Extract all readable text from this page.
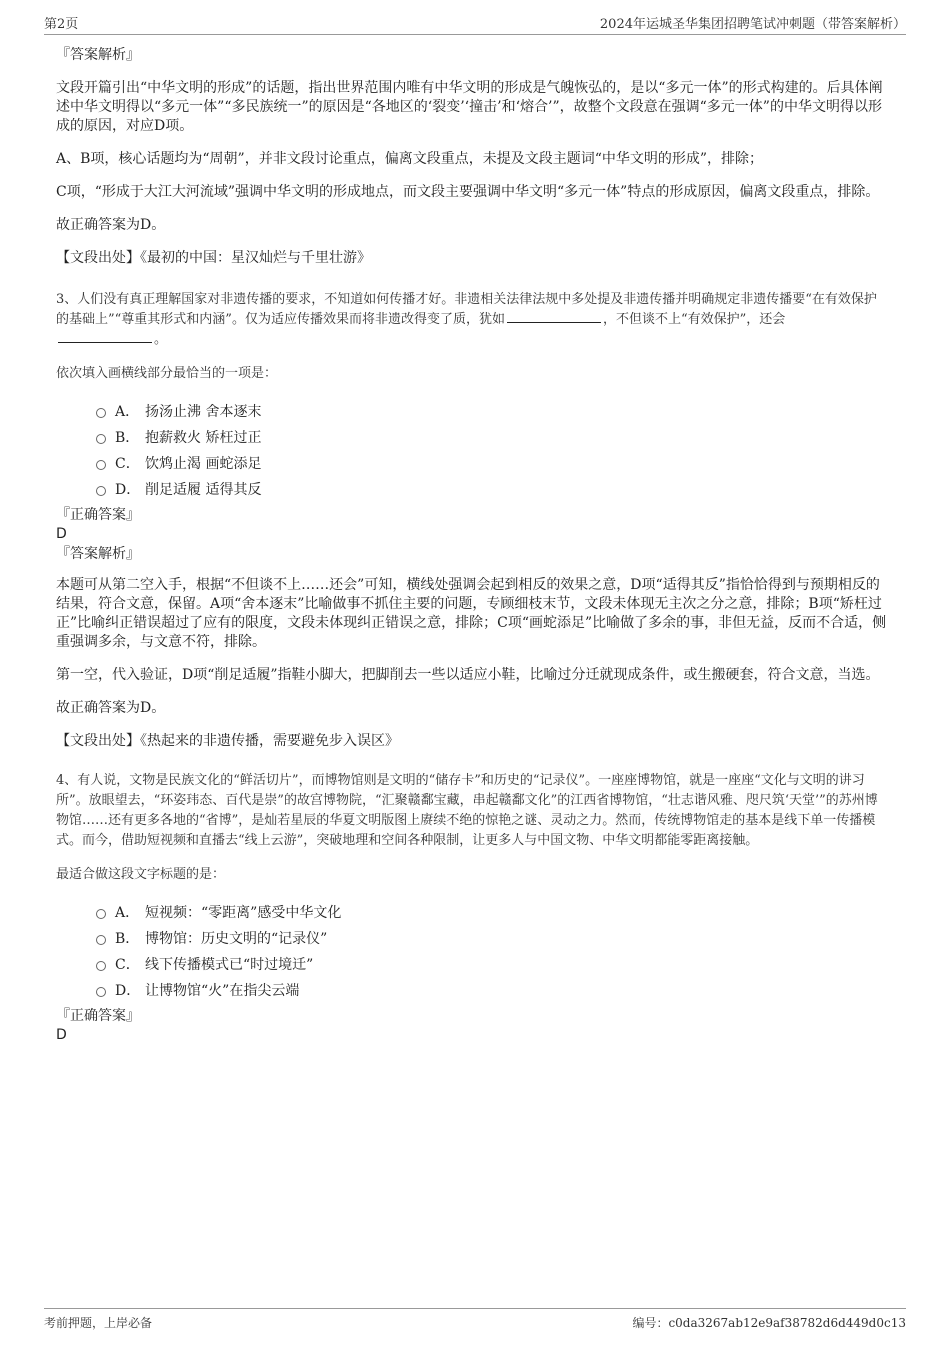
第2页	2024年运城圣华集团招聘笔试冲刺题（带答案解析）
『答案解析』
文段开篇引出“中华文明的形成”的话题，指出世界范围内唯有中华文明的形成是气魄恢弘的，是以“多元一体”的形式构建的。后具体阐述中华文明得以“多元一体”“多民族统一”的原因是“各地区的‘裂变’‘撞击’和‘熔合’”，故整个文段意在强调“多元一体”的中华文明得以形成的原因，对应D项。
A、B项，核心话题均为“周朝”，并非文段讨论重点，偏离文段重点，未提及文段主题词“中华文明的形成”，排除；
C项，“形成于大江大河流域”强调中华文明的形成地点，而文段主要强调中华文明“多元一体”特点的形成原因，偏离文段重点，排除。
故正确答案为D。
【文段出处】《最初的中国：星汉灿烂与千里壮游》
3、人们没有真正理解国家对非遗传播的要求，不知道如何传播才好。非遗相关法律法规中多处提及非遗传播并明确规定非遗传播要“在有效保护的基础上”“尊重其形式和内涵”。仅为适应传播效果而将非遗改得变了质，犹如	，不但谈不上“有效保护”，还会
。
依次填入画横线部分最恰当的一项是：
A． 扬汤止沸 舍本逐末
B． 抱薪救火 矫枉过正
C． 饮鸩止渴 画蛇添足
D． 削足适履 适得其反
『正确答案』
D
『答案解析』
本题可从第二空入手，根据“不但谈不上……还会”可知，横线处强调会起到相反的效果之意，D项“适得其反”指恰恰得到与预期相反的结果，符合文意，保留。A项“舍本逐末”比喻做事不抓住主要的问题，专顾细枝末节，文段未体现无主次之分之意，排除；B项“矫枉过正”比喻纠正错误超过了应有的限度，文段未体现纠正错误之意，排除；C项“画蛇添足”比喻做了多余的事，非但无益，反而不合适，侧重强调多余，与文意不符，排除。
第一空，代入验证，D项“削足适履”指鞋小脚大，把脚削去一些以适应小鞋，比喻过分迁就现成条件，或生搬硬套，符合文意，当选。
故正确答案为D。
【文段出处】《热起来的非遗传播，需要避免步入误区》
4、有人说，文物是民族文化的“鲜活切片”，而博物馆则是文明的“储存卡”和历史的“记录仪”。一座座博物馆，就是一座座“文化与文明的讲习所”。放眼望去，“环姿玮态、百代是崇”的故宫博物院，“汇聚赣鄱宝藏，串起赣鄱文化”的江西省博物馆，“壮志谐风雅、咫尺筑‘天堂’”的苏州博物馆……还有更多各地的“省博”，是灿若星辰的华夏文明版图上赓续不绝的惊艳之谜、灵动之力。然而，传统博物馆走的基本是线下单一传播模式。而今，借助短视频和直播去“线上云游”，突破地理和空间各种限制，让更多人与中国文物、中华文明都能零距离接触。
最适合做这段文字标题的是：
A． 短视频：“零距离”感受中华文化
B． 博物馆：历史文明的“记录仪”
C． 线下传播模式已“时过境迁”
D． 让博物馆“火”在指尖云端
『正确答案』
D
考前押题，上岸必备	编号：c0da3267ab12e9af38782d6d449d0c13
